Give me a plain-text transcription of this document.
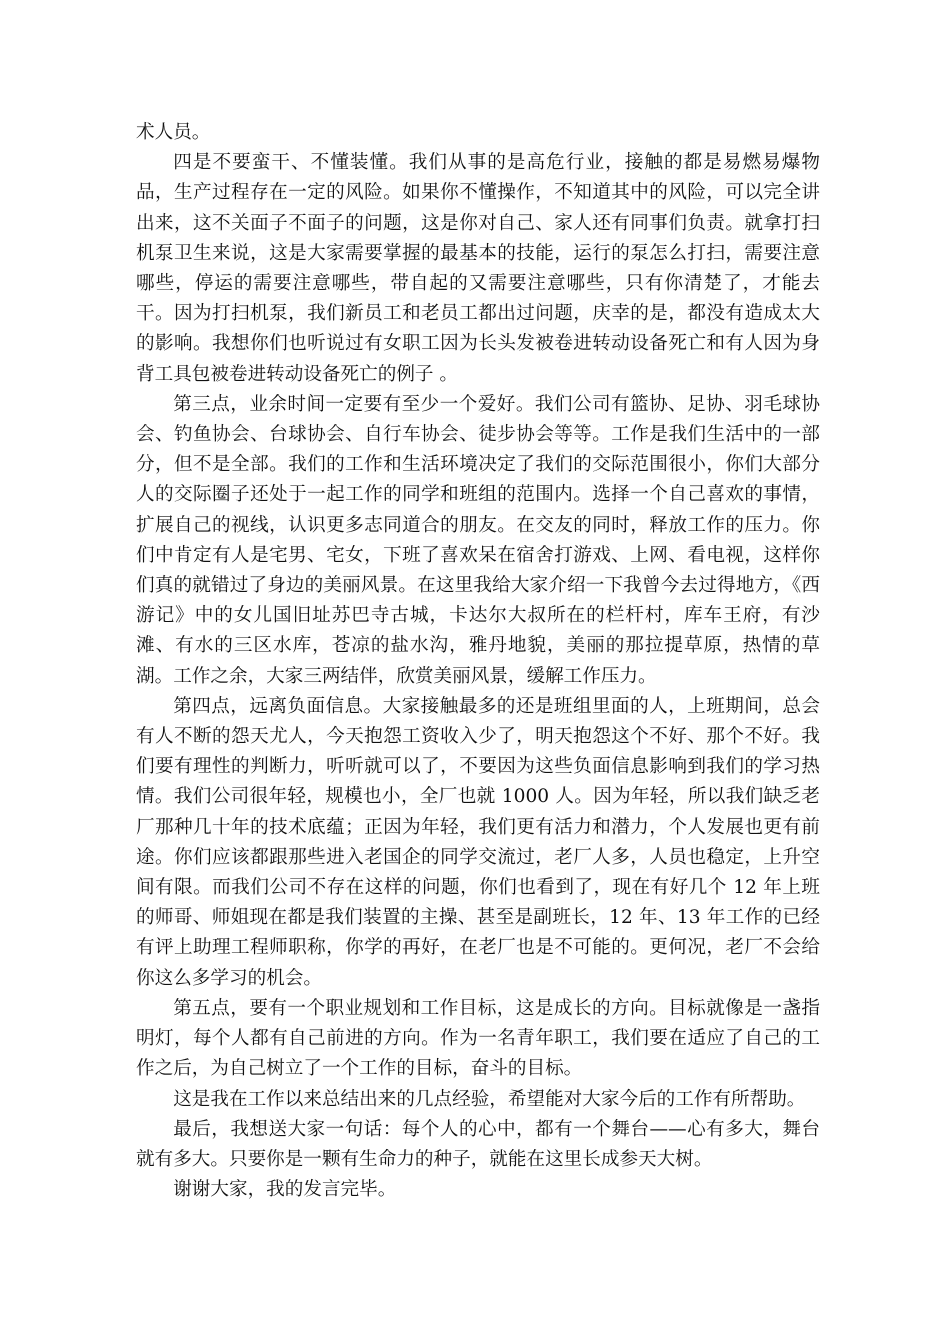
术人员。

四是不要蛮干、不懂装懂。我们从事的是高危行业，接触的都是易燃易爆物品，生产过程存在一定的风险。如果你不懂操作，不知道其中的风险，可以完全讲出来，这不关面子不面子的问题，这是你对自己、家人还有同事们负责。就拿打扫机泵卫生来说，这是大家需要掌握的最基本的技能，运行的泵怎么打扫，需要注意哪些，停运的需要注意哪些，带自起的又需要注意哪些，只有你清楚了，才能去干。因为打扫机泵，我们新员工和老员工都出过问题，庆幸的是，都没有造成太大的影响。我想你们也听说过有女职工因为长头发被卷进转动设备死亡和有人因为身背工具包被卷进转动设备死亡的例子 。

第三点，业余时间一定要有至少一个爱好。我们公司有篮协、足协、羽毛球协会、钓鱼协会、台球协会、自行车协会、徒步协会等等。工作是我们生活中的一部分，但不是全部。我们的工作和生活环境决定了我们的交际范围很小，你们大部分人的交际圈子还处于一起工作的同学和班组的范围内。选择一个自己喜欢的事情，扩展自己的视线，认识更多志同道合的朋友。在交友的同时，释放工作的压力。你们中肯定有人是宅男、宅女，下班了喜欢呆在宿舍打游戏、上网、看电视，这样你们真的就错过了身边的美丽风景。在这里我给大家介绍一下我曾今去过得地方，《西游记》中的女儿国旧址苏巴寺古城，卡达尔大叔所在的栏杆村，库车王府，有沙滩、有水的三区水库，苍凉的盐水沟，雅丹地貌，美丽的那拉提草原，热情的草湖。工作之余，大家三两结伴，欣赏美丽风景，缓解工作压力。

第四点，远离负面信息。大家接触最多的还是班组里面的人，上班期间，总会有人不断的怨天尤人，今天抱怨工资收入少了，明天抱怨这个不好、那个不好。我们要有理性的判断力，听听就可以了，不要因为这些负面信息影响到我们的学习热情。我们公司很年轻，规模也小，全厂也就 1000 人。因为年轻，所以我们缺乏老厂那种几十年的技术底蕴；正因为年轻，我们更有活力和潜力，个人发展也更有前途。你们应该都跟那些进入老国企的同学交流过，老厂人多，人员也稳定，上升空间有限。而我们公司不存在这样的问题，你们也看到了，现在有好几个 12 年上班的师哥、师姐现在都是我们装置的主操、甚至是副班长，12 年、13 年工作的已经有评上助理工程师职称，你学的再好，在老厂也是不可能的。更何况，老厂不会给你这么多学习的机会。

第五点，要有一个职业规划和工作目标，这是成长的方向。目标就像是一盏指明灯，每个人都有自己前进的方向。作为一名青年职工，我们要在适应了自己的工作之后，为自己树立了一个工作的目标，奋斗的目标。

这是我在工作以来总结出来的几点经验，希望能对大家今后的工作有所帮助。

最后，我想送大家一句话：每个人的心中，都有一个舞台——心有多大，舞台就有多大。只要你是一颗有生命力的种子，就能在这里长成参天大树。

谢谢大家，我的发言完毕。
